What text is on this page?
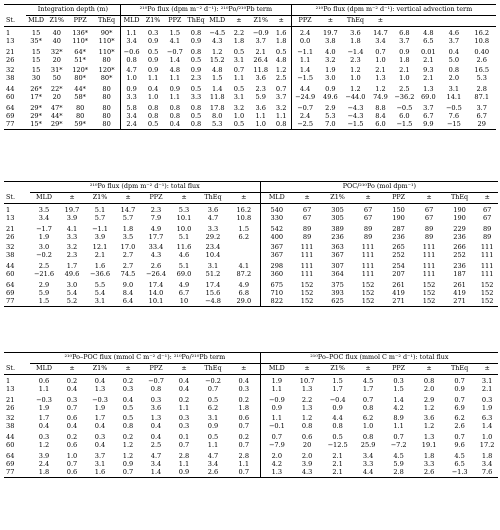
	Integration depth (m)				²¹⁰Po flux (dpm m⁻² d⁻¹): ²¹⁰Po/²¹⁰Pb term								²¹⁰Po flux (dpm m⁻² d⁻¹): vertical advection term							
St.	MLD	Z1%	PPZ	ThEq	MLD	Z1%	PPZ	ThEq	MLD	±	Z1%	±	PPZ	±	ThEq	±				
1	15	40	136*	90*	1.1	0.3	1.5	0.8	−4.5	2.2	−0.9	1.6	2.4	19.7	3.6	14.7	6.8	4.8	4.6	16.2
13	35*	40	110*	110*	3.4	0.9	4.1	0.9	4.3	1.8	3.7	1.8	0.0	3.8	1.8	3.4	3.7	6.5	3.7	10.8
21	15	32*	64*	110*	−0.6	0.5	−0.7	0.8	1.2	0.5	2.1	0.5	−1.1	4.0	−1.4	0.7	0.9	0.01	0.4	0.40
26	15	20	51*	80	0.8	0.9	1.4	0.5	15.2	3.1	26.4	4.8	1.1	3.2	2.3	1.0	1.8	2.1	5.0	2.6
32	15	31*	120*	120*	4.7	0.9	4.8	0.9	4.8	0.7	11.8	1.2	1.4	1.9	1.2	2.1	2.1	9.3	0.8	16.5
38	30	50	80*	80*	1.0	1.1	1.1	2.3	1.5	1.1	3.6	2.5	−1.5	3.0	1.0	1.3	1.0	2.1	2.0	5.3
44	26*	22*	44*	80	0.9	0.4	0.9	0.5	1.4	0.5	2.3	0.7	4.4	0.9	1.2	1.2	2.5	1.3	3.1	2.8
60	17*	20	58*	80	3.3	1.0	1.1	3.3	11.8	3.1	5.9	3.7	−24.9	49.6	−44.0	74.9	−36.2	69.0	14.1	87.1
64	29*	47*	80	80	5.8	0.8	0.8	0.8	17.8	3.2	3.6	3.2	−0.7	2.9	−4.3	8.8	−0.5	3.7	−0.5	3.7
69	29*	44*	80	80	3.4	0.8	0.8	0.5	8.0	1.0	1.1	1.1	2.4	5.3	−4.3	8.4	6.0	6.7	7.6	6.7
77	15*	29*	59*	80	2.4	0.5	0.4	0.8	5.3	0.5	1.0	0.8	−2.5	7.0	−1.5	6.0	−1.5	9.9	−15	29
	²¹⁰Po flux (dpm m⁻² d⁻¹): total flux								POC/²¹⁰Po (mol dpm⁻¹)							
St.	MLD	±	Z1%	±	PPZ	±	ThEq	±	MLD	±	Z1%	±	PPZ	±	ThEq	±
1	3.5	19.7	5.1	14.7	2.3	5.3	3.6	16.2	540	67	305	67	150	67	190	67
13	3.4	3.9	5.7	5.7	7.9	10.1	4.7	10.8	330	67	305	67	190	67	190	67
21	−1.7	4.1	−1.1	1.8	4.9	10.0	3.3	1.5	542	89	389	89	287	89	229	89
26	1.9	3.3	3.9	3.5	17.7	5.1	29.2	6.2	400	89	236	89	236	89	236	89
32	3.0	3.2	12.1	17.0	33.4	11.6	23.4		367	111	363	111	265	111	266	111
38	−0.2	2.3	2.1	2.7	4.3	4.6	10.4		367	111	367	111	252	111	252	111
44	2.5	1.7	1.6	2.7	2.6	5.1	3.1	4.1	298	111	307	111	254	111	236	111
60	−21.6	49.6	−36.6	74.5	−26.4	69.0	51.2	87.2	360	111	364	111	207	111	187	111
64	2.9	3.0	5.5	9.0	17.4	4.9	17.4	4.9	675	152	375	152	261	152	261	152
69	5.9	5.4	5.4	8.4	14.0	6.7	15.6	6.8	710	152	393	152	419	152	419	152
77	1.5	5.2	3.1	6.4	10.1	10	−4.8	29.0	822	152	625	152	271	152	271	152
	²¹⁰Po–POC flux (mmol C m⁻² d⁻¹): ²¹⁰Po/²¹⁰Pb term								²¹⁰Po–POC flux (mmol C m⁻² d⁻¹): total flux							
St.	MLD	±	Z1%	±	PPZ	±	ThEq	±	MLD	±	Z1%	±	PPZ	±	ThEq	±
1	0.6	0.2	0.4	0.2	−0.7	0.4	−0.2	0.4	1.9	10.7	1.5	4.5	0.3	0.8	0.7	3.1
13	1.1	0.4	1.3	0.3	0.8	0.4	0.7	0.3	1.1	1.3	1.7	1.7	1.5	2.0	0.9	2.1
21	−0.3	0.3	−0.3	0.4	0.3	0.2	0.5	0.2	−0.9	2.2	−0.4	0.7	1.4	2.9	0.7	0.3
26	1.9	0.7	1.9	0.5	3.6	1.1	6.2	1.8	0.9	1.3	0.9	0.8	4.2	1.2	6.9	1.9
32	1.7	0.6	1.7	0.5	1.3	0.3	3.1	0.6	1.1	1.2	4.4	6.2	8.9	3.6	6.2	6.3
38	0.4	0.4	0.4	0.8	0.4	0.3	0.9	0.7	−0.1	0.8	0.8	1.0	1.1	1.2	2.6	1.4
44	0.3	0.2	0.3	0.2	0.4	0.1	0.5	0.2	0.7	0.6	0.5	0.8	0.7	1.3	0.7	1.0
60	1.2	0.6	0.4	1.2	2.5	0.7	1.1	0.7	−7.9	20	−12.5	25.9	−7.2	19.1	9.6	17.2
64	3.9	1.0	3.7	1.2	4.7	2.8	4.7	2.8	2.0	2.0	2.1	3.4	4.5	1.8	4.5	1.8
69	2.4	0.7	3.1	0.9	3.4	1.1	3.4	1.1	4.2	3.9	2.1	3.3	5.9	3.3	6.5	3.4
77	1.8	0.6	1.6	0.7	1.4	0.9	2.6	0.7	1.3	4.3	2.1	4.4	2.8	2.6	−1.3	7.6
